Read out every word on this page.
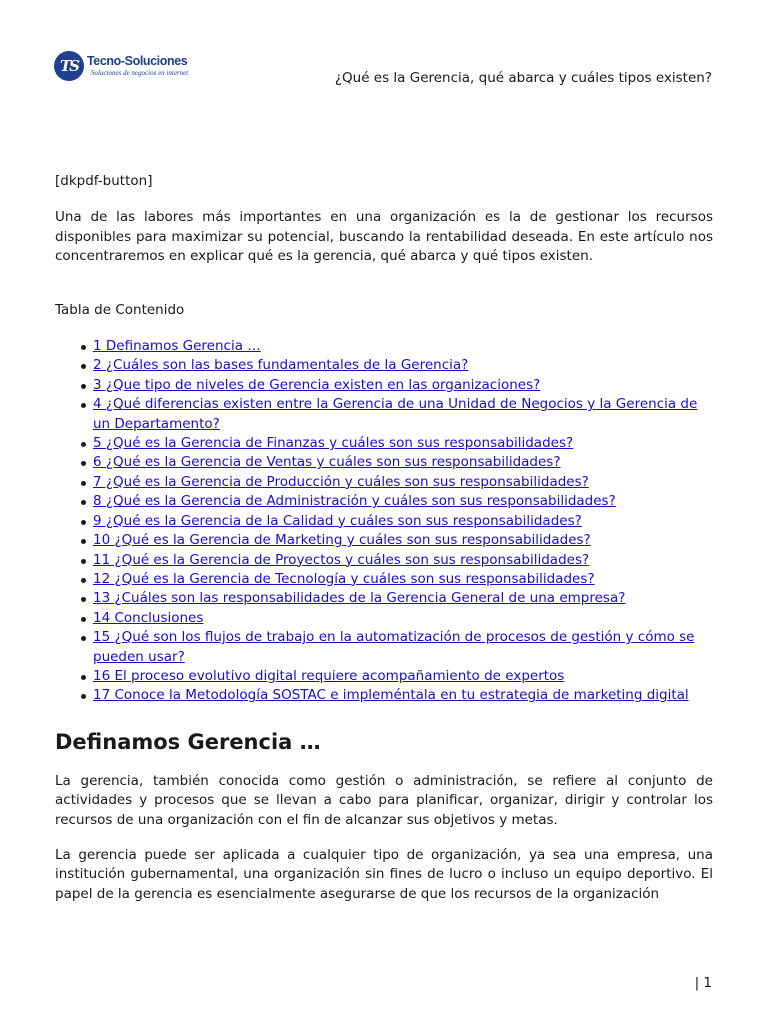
TS Tecno-Soluciones
Soluciones de negocios en internet	¿Qué es la Gerencia, qué abarca y cuáles tipos existen?

[dkpdf-button]

Una de las labores más importantes en una organización es la de gestionar los recursos disponibles para maximizar su potencial, buscando la rentabilidad deseada. En este artículo nos concentraremos en explicar qué es la gerencia, qué abarca y qué tipos existen.

Tabla de Contenido

1 Definamos Gerencia …
2 ¿Cuáles son las bases fundamentales de la Gerencia?
3 ¿Que tipo de niveles de Gerencia existen en las organizaciones?
4 ¿Qué diferencias existen entre la Gerencia de una Unidad de Negocios y la Gerencia de un Departamento?
5 ¿Qué es la Gerencia de Finanzas y cuáles son sus responsabilidades?
6 ¿Qué es la Gerencia de Ventas y cuáles son sus responsabilidades?
7 ¿Qué es la Gerencia de Producción y cuáles son sus responsabilidades?
8 ¿Qué es la Gerencia de Administración y cuáles son sus responsabilidades?
9 ¿Qué es la Gerencia de la Calidad y cuáles son sus responsabilidades?
10 ¿Qué es la Gerencia de Marketing y cuáles son sus responsabilidades?
11 ¿Qué es la Gerencia de Proyectos y cuáles son sus responsabilidades?
12 ¿Qué es la Gerencia de Tecnología y cuáles son sus responsabilidades?
13 ¿Cuáles son las responsabilidades de la Gerencia General de una empresa?
14 Conclusiones
15 ¿Qué son los flujos de trabajo en la automatización de procesos de gestión y cómo se pueden usar?
16 El proceso evolutivo digital requiere acompañamiento de expertos
17 Conoce la Metodología SOSTAC e impleméntala en tu estrategia de marketing digital
Definamos Gerencia …

La gerencia, también conocida como gestión o administración, se refiere al conjunto de actividades y procesos que se llevan a cabo para planificar, organizar, dirigir y controlar los recursos de una organización con el fin de alcanzar sus objetivos y metas.

La gerencia puede ser aplicada a cualquier tipo de organización, ya sea una empresa, una institución gubernamental, una organización sin fines de lucro o incluso un equipo deportivo. El papel de la gerencia es esencialmente asegurarse de que los recursos de la organización

| 1
